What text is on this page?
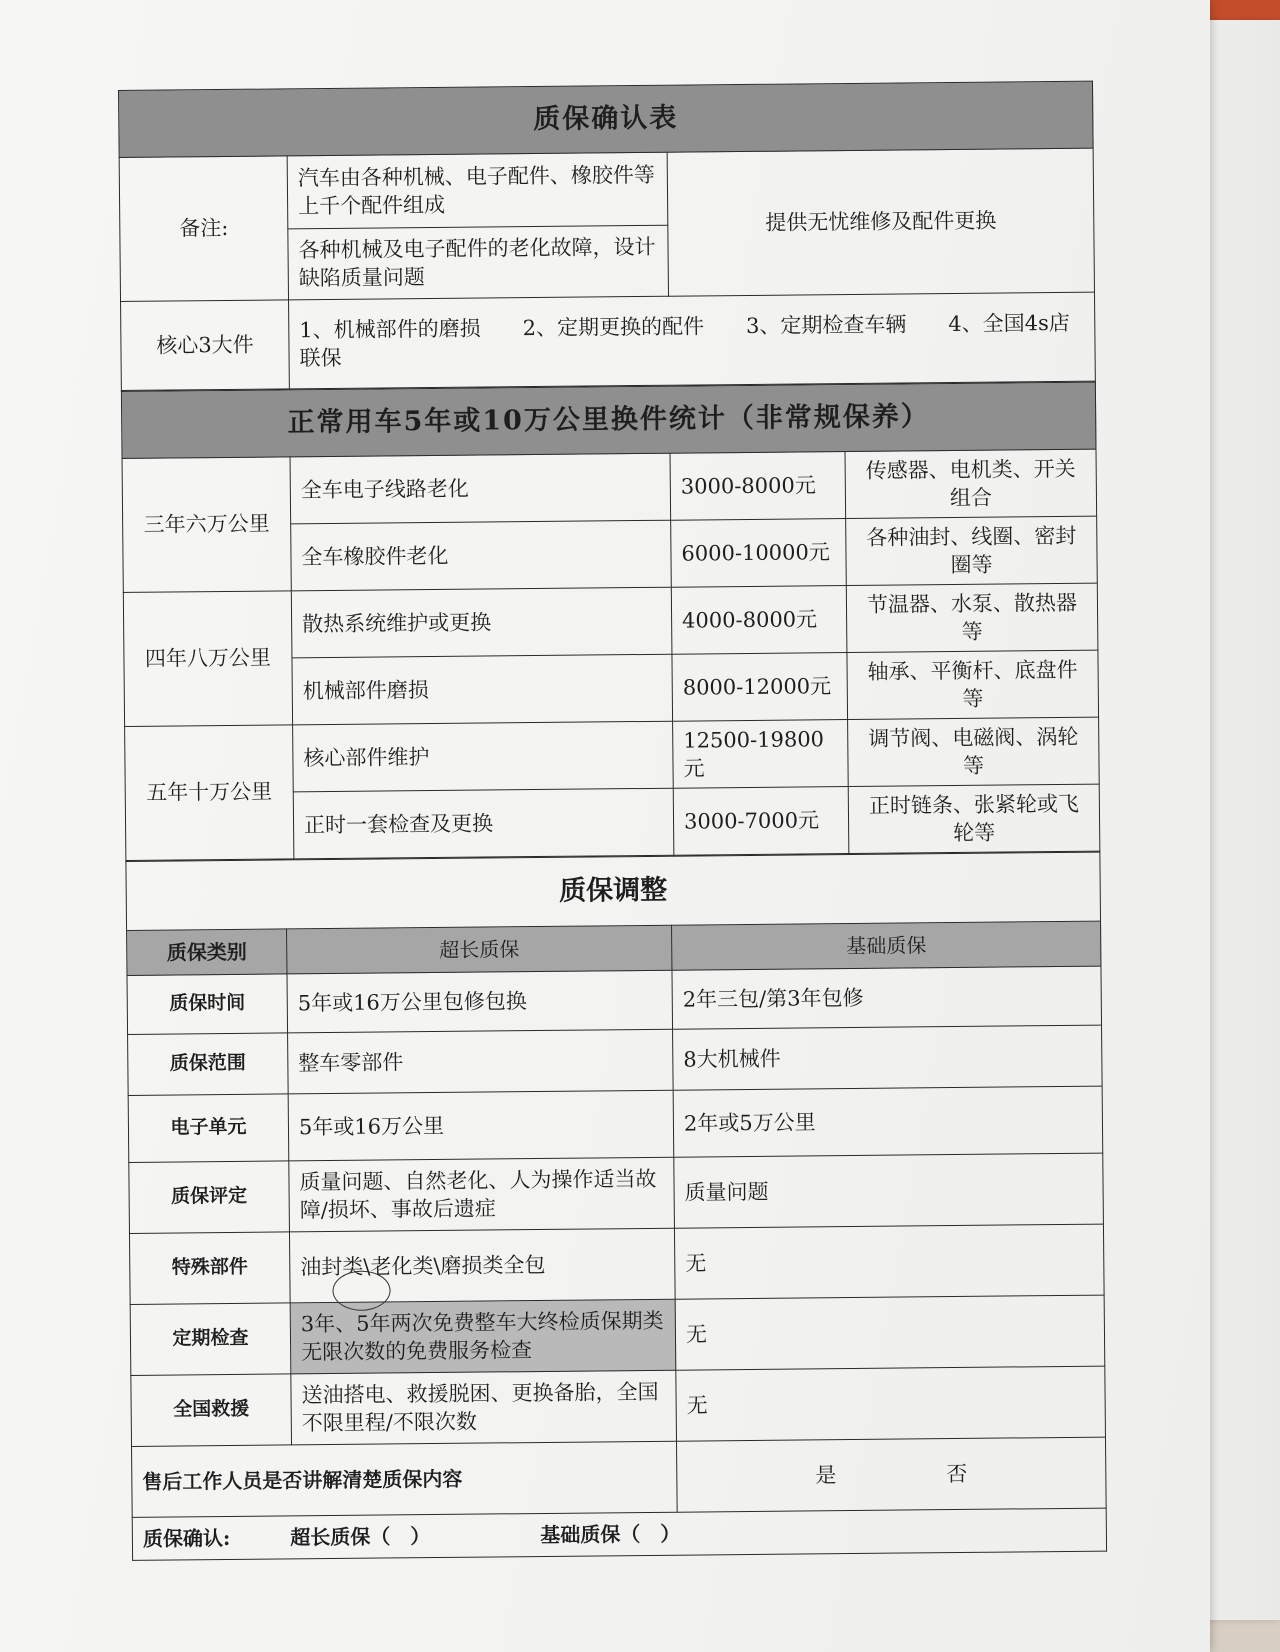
质保确认表		
备注:	汽车由各种机械、电子配件、橡胶件等上千个配件组成	提供无忧维修及配件更换
	各种机械及电子配件的老化故障，设计缺陷质量问题	
核心3大件	1、机械部件的磨损　　2、定期更换的配件　　3、定期检查车辆　　4、全国4s店联保	
正常用车5年或10万公里换件统计（非常规保养）			
三年六万公里	全车电子线路老化	3000-8000元	传感器、电机类、开关组合
	全车橡胶件老化	6000-10000元	各种油封、线圈、密封圈等
四年八万公里	散热系统维护或更换	4000-8000元	节温器、水泵、散热器等
	机械部件磨损	8000-12000元	轴承、平衡杆、底盘件等
五年十万公里	核心部件维护	12500-19800元	调节阀、电磁阀、涡轮等
	正时一套检查及更换	3000-7000元	正时链条、张紧轮或飞轮等
质保调整		
质保类别	超长质保	基础质保
质保时间	5年或16万公里包修包换	2年三包/第3年包修
质保范围	整车零部件	8大机械件
电子单元	5年或16万公里	2年或5万公里
质保评定	质量问题、自然老化、人为操作适当故障/损坏、事故后遗症	质量问题
特殊部件	油封类\老化类\磨损类全包	无
定期检查	3年、5年两次免费整车大终检质保期类无限次数的免费服务检查	无
全国救援	送油搭电、救援脱困、更换备胎，全国不限里程/不限次数	无
售后工作人员是否讲解清楚质保内容		是 否
质保确认: 超长质保（　） 基础质保（　）		
